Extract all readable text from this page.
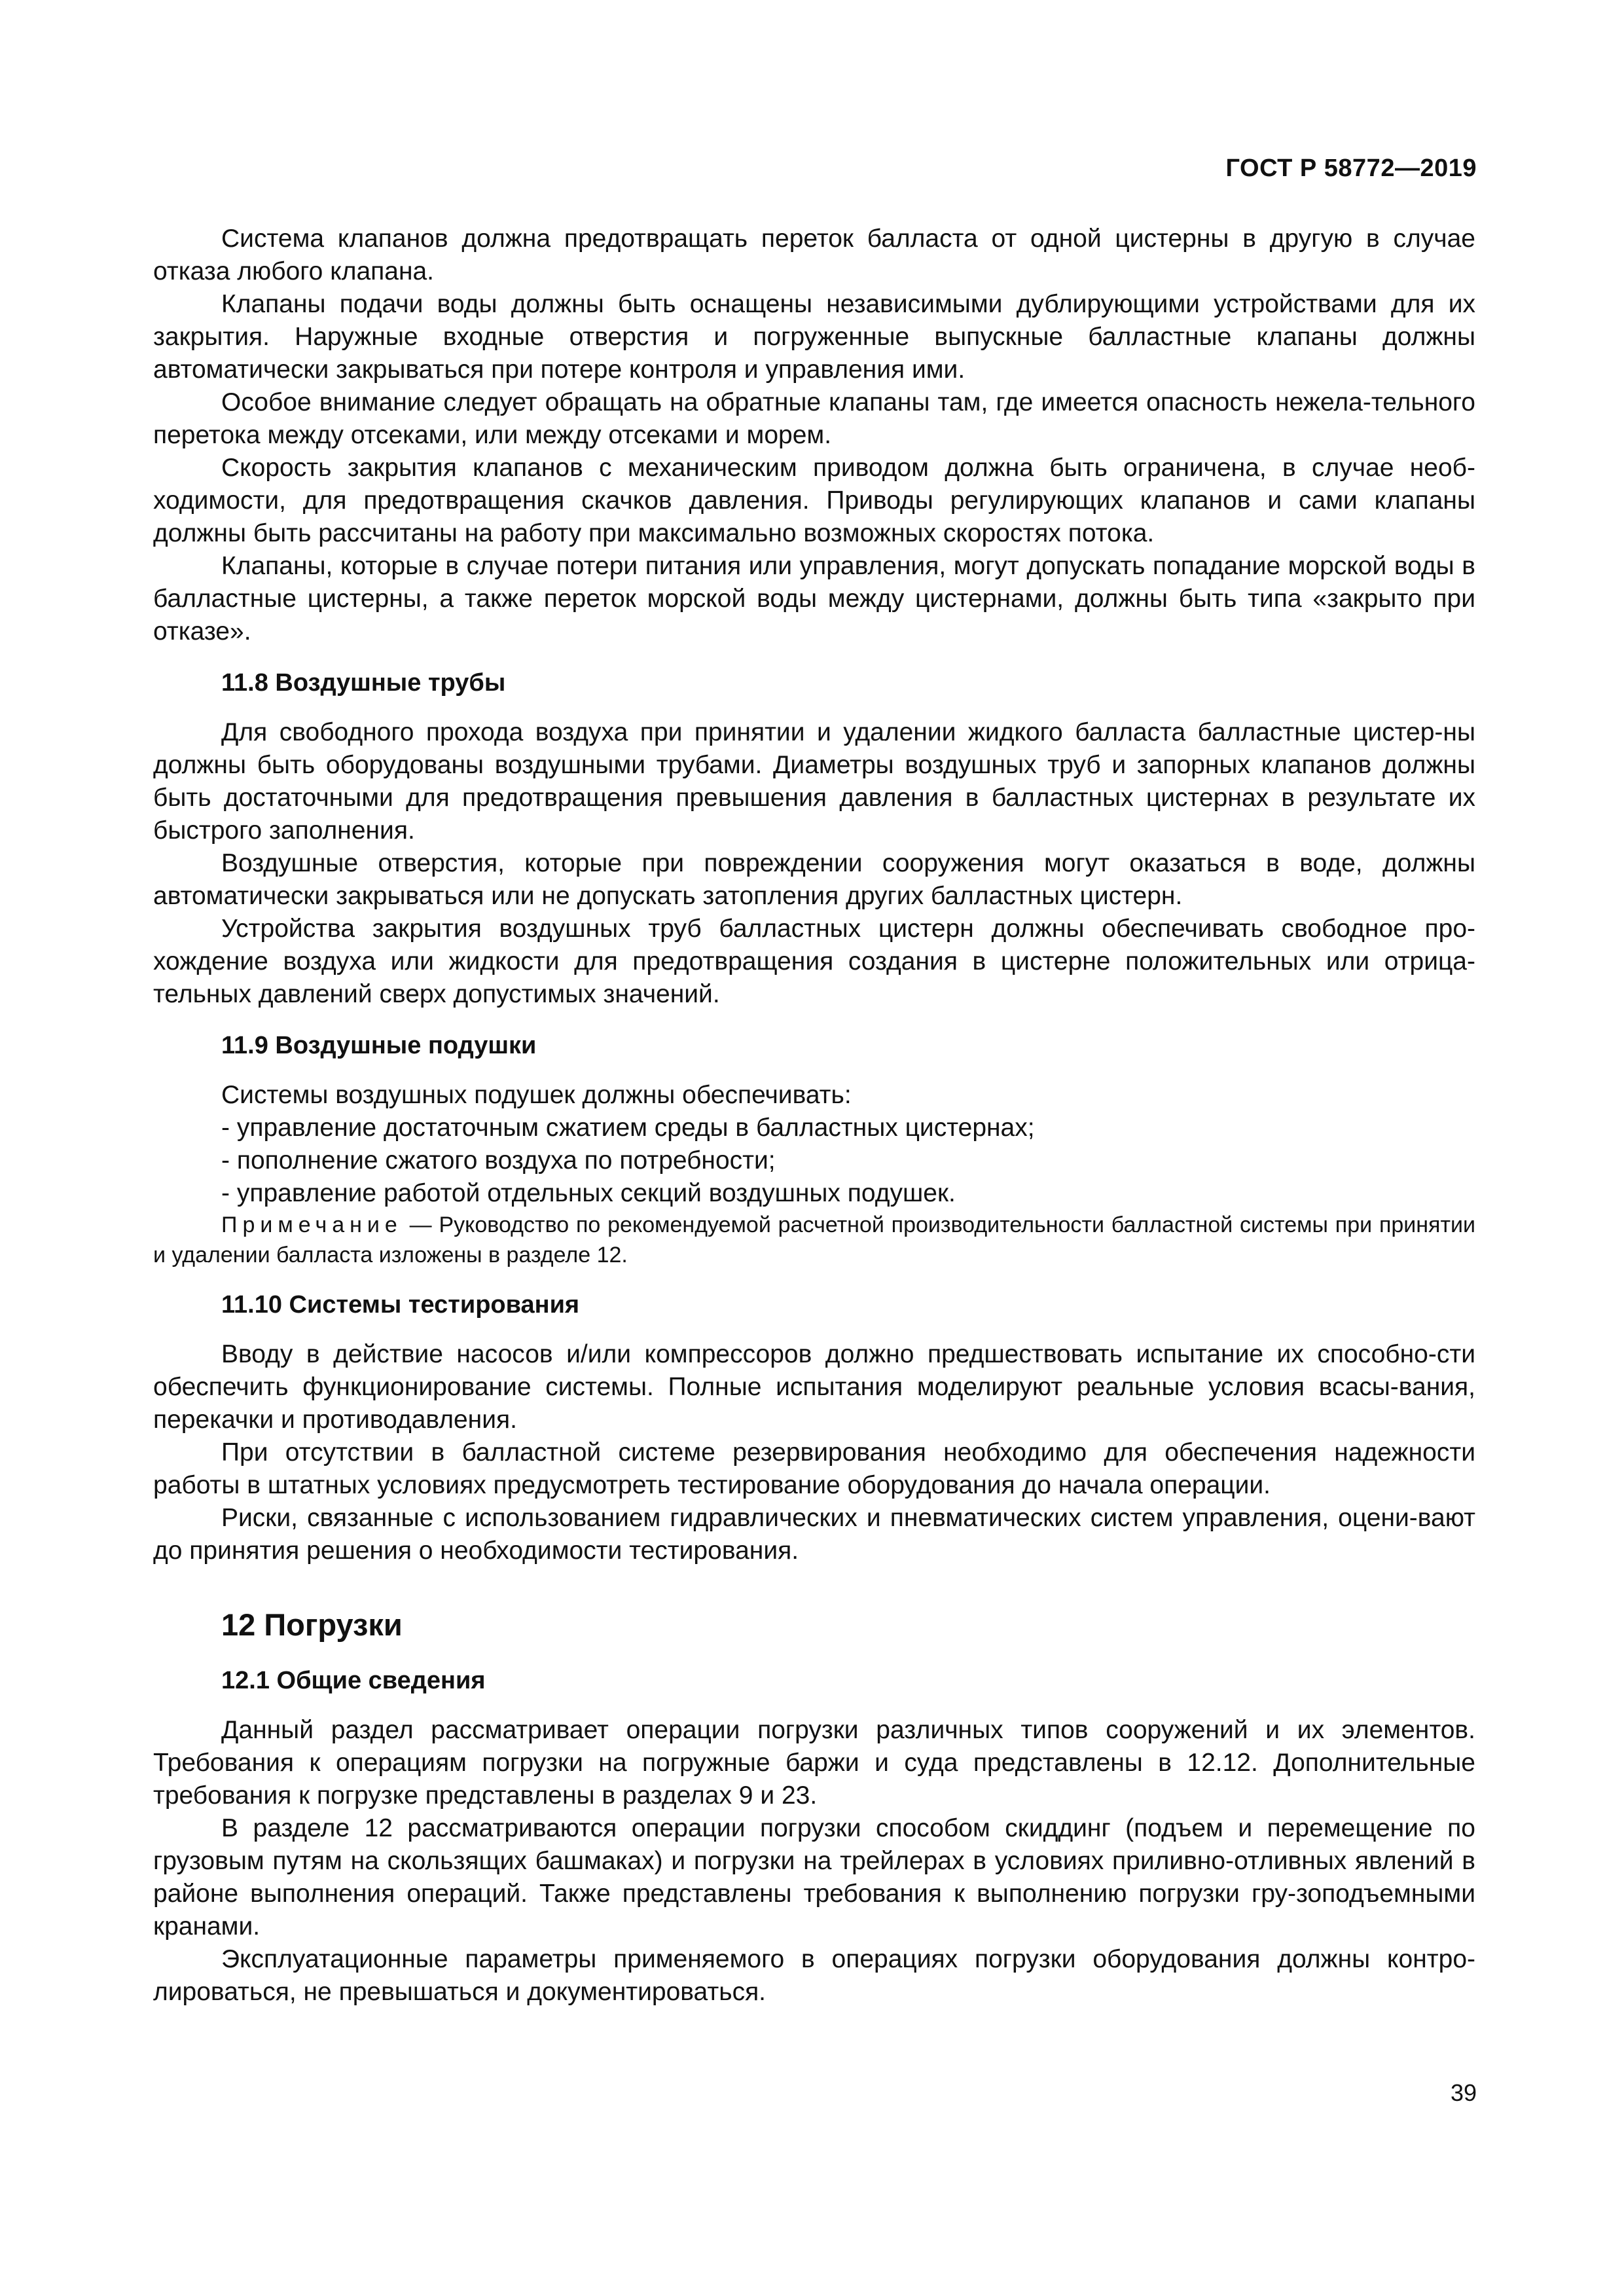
ГОСТ Р 58772—2019

Система клапанов должна предотвращать переток балласта от одной цистерны в другую в случае отказа любого клапана.

Клапаны подачи воды должны быть оснащены независимыми дублирующими устройствами для их закрытия. Наружные входные отверстия и погруженные выпускные балластные клапаны должны автоматически закрываться при потере контроля и управления ими.

Особое внимание следует обращать на обратные клапаны там, где имеется опасность нежела-тельного перетока между отсеками, или между отсеками и морем.

Скорость закрытия клапанов с механическим приводом должна быть ограничена, в случае необ-ходимости, для предотвращения скачков давления. Приводы регулирующих клапанов и сами клапаны должны быть рассчитаны на работу при максимально возможных скоростях потока.

Клапаны, которые в случае потери питания или управления, могут допускать попадание морской воды в балластные цистерны, а также переток морской воды между цистернами, должны быть типа «закрыто при отказе».

11.8 Воздушные трубы

Для свободного прохода воздуха при принятии и удалении жидкого балласта балластные цистер-ны должны быть оборудованы воздушными трубами. Диаметры воздушных труб и запорных клапанов должны быть достаточными для предотвращения превышения давления в балластных цистернах в результате их быстрого заполнения.

Воздушные отверстия, которые при повреждении сооружения могут оказаться в воде, должны автоматически закрываться или не допускать затопления других балластных цистерн.

Устройства закрытия воздушных труб балластных цистерн должны обеспечивать свободное про-хождение воздуха или жидкости для предотвращения создания в цистерне положительных или отрица-тельных давлений сверх допустимых значений.

11.9 Воздушные подушки

Системы воздушных подушек должны обеспечивать:

- управление достаточным сжатием среды в балластных цистернах;
- пополнение сжатого воздуха по потребности;
- управление работой отдельных секций воздушных подушек.

Примечание — Руководство по рекомендуемой расчетной производительности балластной системы при принятии и удалении балласта изложены в разделе 12.

11.10 Системы тестирования

Вводу в действие насосов и/или компрессоров должно предшествовать испытание их способно-сти обеспечить функционирование системы. Полные испытания моделируют реальные условия всасы-вания, перекачки и противодавления.

При отсутствии в балластной системе резервирования необходимо для обеспечения надежности работы в штатных условиях предусмотреть тестирование оборудования до начала операции.

Риски, связанные с использованием гидравлических и пневматических систем управления, оцени-вают до принятия решения о необходимости тестирования.

12 Погрузки
12.1 Общие сведения

Данный раздел рассматривает операции погрузки различных типов сооружений и их элементов. Требования к операциям погрузки на погружные баржи и суда представлены в 12.12. Дополнительные требования к погрузке представлены в разделах 9 и 23.

В разделе 12 рассматриваются операции погрузки способом скиддинг (подъем и перемещение по грузовым путям на скользящих башмаках) и погрузки на трейлерах в условиях приливно-отливных явлений в районе выполнения операций. Также представлены требования к выполнению погрузки гру-зоподъемными кранами.

Эксплуатационные параметры применяемого в операциях погрузки оборудования должны контро-лироваться, не превышаться и документироваться.

39
